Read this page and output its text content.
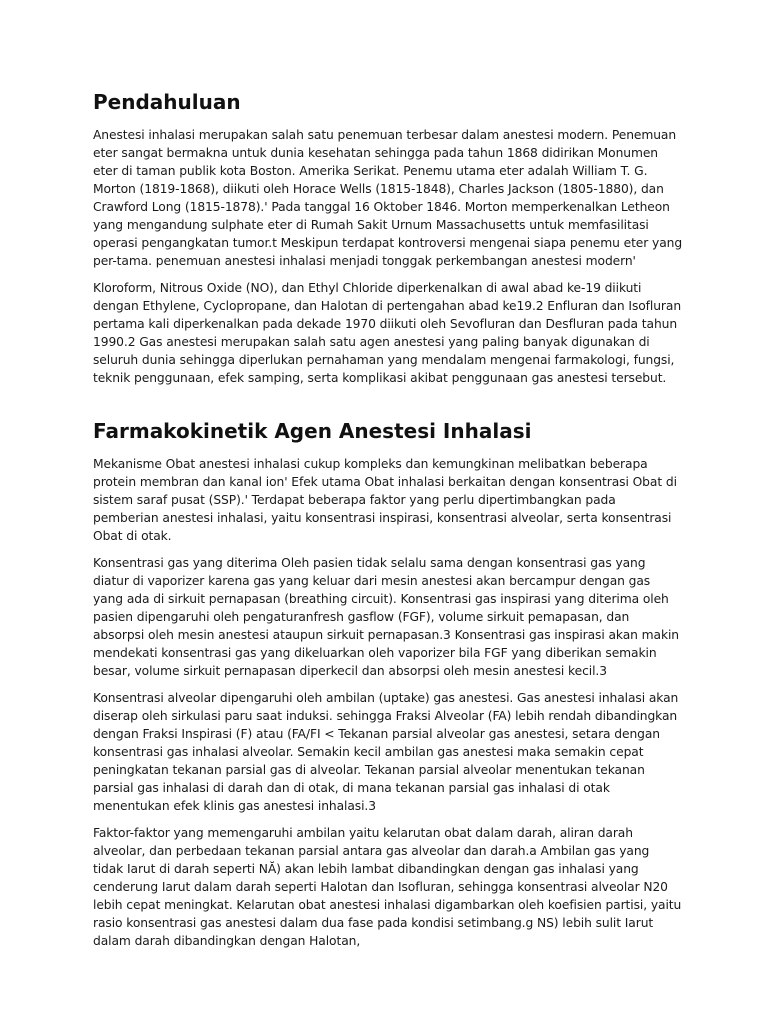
Pendahuluan

Anestesi inhalasi merupakan salah satu penemuan terbesar dalam anestesi modern. Penemuan eter sangat bermakna untuk dunia kesehatan sehingga pada tahun 1868 didirikan Monumen eter di taman publik kota Boston. Amerika Serikat. Penemu utama eter adalah William T. G. Morton (1819-1868), diikuti oleh Horace Wells (1815-1848), Charles Jackson (1805-1880), dan Crawford Long (1815-1878).' Pada tanggal 16 Oktober 1846. Morton memperkenalkan Letheon yang mengandung sulphate eter di Rumah Sakit Urnum Massachusetts untuk memfasilitasi operasi pengangkatan tumor.t Meskipun terdapat kontroversi mengenai siapa penemu eter yang per-tama. penemuan anestesi inhalasi menjadi tonggak perkembangan anestesi modern'

Kloroform, Nitrous Oxide (NO), dan Ethyl Chloride diperkenalkan di awal abad ke-19 diikuti dengan Ethylene, Cyclopropane, dan Halotan di pertengahan abad ke19.2 Enfluran dan Isofluran pertama kali diperkenalkan pada dekade 1970 diikuti oleh Sevofluran dan Desfluran pada tahun 1990.2 Gas anestesi merupakan salah satu agen anestesi yang paling banyak digunakan di seluruh dunia sehingga diperlukan pernahaman yang mendalam mengenai farmakologi, fungsi, teknik penggunaan, efek samping, serta komplikasi akibat penggunaan gas anestesi tersebut.

Farmakokinetik Agen Anestesi Inhalasi

Mekanisme Obat anestesi inhalasi cukup kompleks dan kemungkinan melibatkan beberapa protein membran dan kanal ion' Efek utama Obat inhalasi berkaitan dengan konsentrasi Obat di sistem saraf pusat (SSP).' Terdapat beberapa faktor yang perlu dipertimbangkan pada pemberian anestesi inhalasi, yaitu konsentrasi inspirasi, konsentrasi alveolar, serta konsentrasi Obat di otak.

Konsentrasi gas yang diterima Oleh pasien tidak selalu sama dengan konsentrasi gas yang diatur di vaporizer karena gas yang keluar dari mesin anestesi akan bercampur dengan gas yang ada di sirkuit pernapasan (breathing circuit). Konsentrasi gas inspirasi yang diterima oleh pasien dipengaruhi oleh pengaturanfresh gasflow (FGF), volume sirkuit pemapasan, dan absorpsi oleh mesin anestesi ataupun sirkuit pernapasan.3 Konsentrasi gas inspirasi akan makin mendekati konsentrasi gas yang dikeluarkan oleh vaporizer bila FGF yang diberikan semakin besar, volume sirkuit pernapasan diperkecil dan absorpsi oleh mesin anestesi kecil.3

Konsentrasi alveolar dipengaruhi oleh ambilan (uptake) gas anestesi. Gas anestesi inhalasi akan diserap oleh sirkulasi paru saat induksi. sehingga Fraksi Alveolar (FA) lebih rendah dibandingkan dengan Fraksi Inspirasi (F) atau (FA/FI < Tekanan parsial alveolar gas anestesi, setara dengan konsentrasi gas inhalasi alveolar. Semakin kecil ambilan gas anestesi maka semakin cepat peningkatan tekanan parsial gas di alveolar. Tekanan parsial alveolar menentukan tekanan parsial gas inhalasi di darah dan di otak, di mana tekanan parsial gas inhalasi di otak menentukan efek klinis gas anestesi inhalasi.3

Faktor-faktor yang memengaruhi ambilan yaitu kelarutan obat dalam darah, aliran darah alveolar, dan perbedaan tekanan parsial antara gas alveolar dan darah.a Ambilan gas yang tidak Iarut di darah seperti NĂ) akan lebih lambat dibandingkan dengan gas inhalasi yang cenderung Iarut dalam darah seperti Halotan dan Isofluran, sehingga konsentrasi alveolar N20 lebih cepat meningkat. Kelarutan obat anestesi inhalasi digambarkan oleh koefisien partisi, yaitu rasio konsentrasi gas anestesi dalam dua fase pada kondisi setimbang.g NS) lebih sulit Iarut dalam darah dibandingkan dengan Halotan,
